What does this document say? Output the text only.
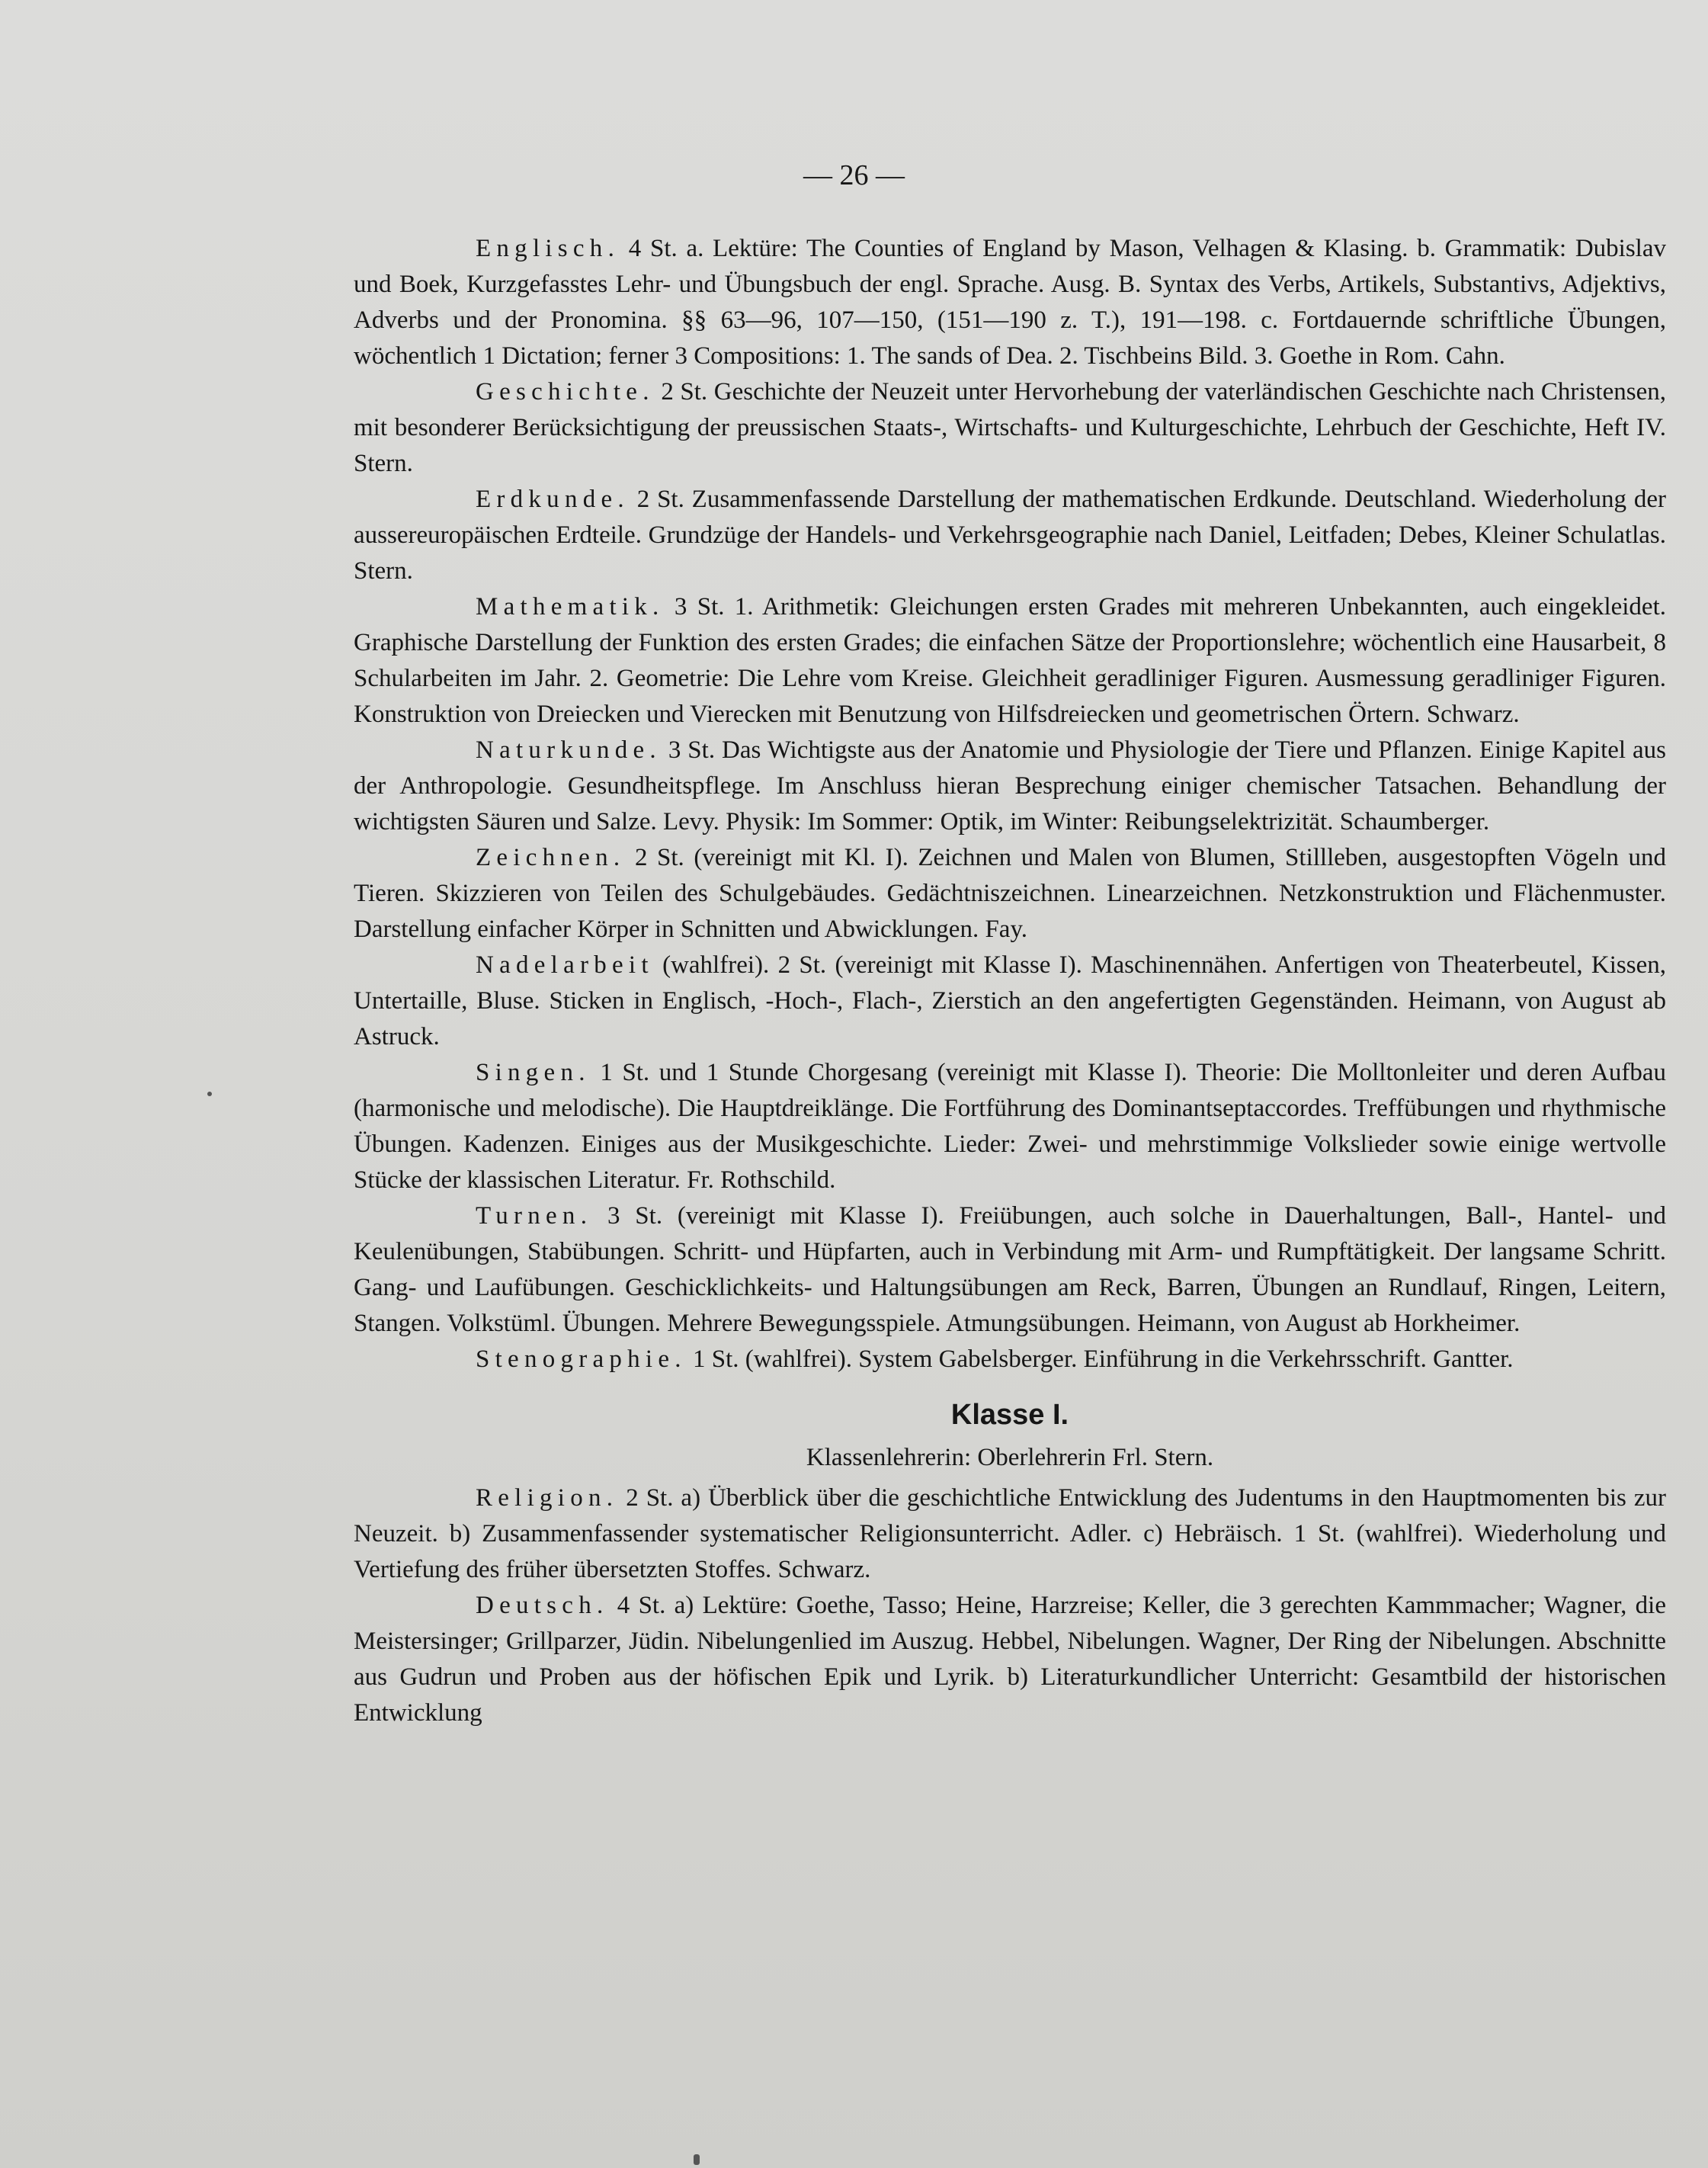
— 26 —

Englisch. 4 St. a. Lektüre: The Counties of England by Mason, Velhagen & Klasing. b. Grammatik: Dubislav und Boek, Kurzgefasstes Lehr- und Übungsbuch der engl. Sprache. Ausg. B. Syntax des Verbs, Artikels, Substantivs, Adjektivs, Adverbs und der Pronomina. §§ 63—96, 107—150, (151—190 z. T.), 191—198. c. Fortdauernde schriftliche Übungen, wöchentlich 1 Dictation; ferner 3 Compositions: 1. The sands of Dea. 2. Tischbeins Bild. 3. Goethe in Rom. Cahn.

Geschichte. 2 St. Geschichte der Neuzeit unter Hervorhebung der vaterländischen Geschichte nach Christensen, mit besonderer Berücksichtigung der preussischen Staats-, Wirtschafts- und Kulturgeschichte, Lehrbuch der Geschichte, Heft IV. Stern.

Erdkunde. 2 St. Zusammenfassende Darstellung der mathematischen Erdkunde. Deutschland. Wiederholung der aussereuropäischen Erdteile. Grundzüge der Handels- und Verkehrsgeographie nach Daniel, Leitfaden; Debes, Kleiner Schulatlas. Stern.

Mathematik. 3 St. 1. Arithmetik: Gleichungen ersten Grades mit mehreren Unbekannten, auch eingekleidet. Graphische Darstellung der Funktion des ersten Grades; die einfachen Sätze der Proportionslehre; wöchentlich eine Hausarbeit, 8 Schularbeiten im Jahr. 2. Geometrie: Die Lehre vom Kreise. Gleichheit geradliniger Figuren. Ausmessung geradliniger Figuren. Konstruktion von Dreiecken und Vierecken mit Benutzung von Hilfsdreiecken und geometrischen Örtern. Schwarz.

Naturkunde. 3 St. Das Wichtigste aus der Anatomie und Physiologie der Tiere und Pflanzen. Einige Kapitel aus der Anthropologie. Gesundheitspflege. Im Anschluss hieran Besprechung einiger chemischer Tatsachen. Behandlung der wichtigsten Säuren und Salze. Levy. Physik: Im Sommer: Optik, im Winter: Reibungselektrizität. Schaumberger.

Zeichnen. 2 St. (vereinigt mit Kl. I). Zeichnen und Malen von Blumen, Stillleben, ausgestopften Vögeln und Tieren. Skizzieren von Teilen des Schulgebäudes. Gedächtniszeichnen. Linearzeichnen. Netzkonstruktion und Flächenmuster. Darstellung einfacher Körper in Schnitten und Abwicklungen. Fay.

Nadelarbeit (wahlfrei). 2 St. (vereinigt mit Klasse I). Maschinennähen. Anfertigen von Theaterbeutel, Kissen, Untertaille, Bluse. Sticken in Englisch, -Hoch-, Flach-, Zierstich an den angefertigten Gegenständen. Heimann, von August ab Astruck.

Singen. 1 St. und 1 Stunde Chorgesang (vereinigt mit Klasse I). Theorie: Die Molltonleiter und deren Aufbau (harmonische und melodische). Die Hauptdreiklänge. Die Fortführung des Dominantseptaccordes. Treffübungen und rhythmische Übungen. Kadenzen. Einiges aus der Musikgeschichte. Lieder: Zwei- und mehrstimmige Volkslieder sowie einige wertvolle Stücke der klassischen Literatur. Fr. Rothschild.

Turnen. 3 St. (vereinigt mit Klasse I). Freiübungen, auch solche in Dauerhaltungen, Ball-, Hantel- und Keulenübungen, Stabübungen. Schritt- und Hüpfarten, auch in Verbindung mit Arm- und Rumpftätigkeit. Der langsame Schritt. Gang- und Laufübungen. Geschicklichkeits- und Haltungsübungen am Reck, Barren, Übungen an Rundlauf, Ringen, Leitern, Stangen. Volkstüml. Übungen. Mehrere Bewegungsspiele. Atmungsübungen. Heimann, von August ab Horkheimer.

Stenographie. 1 St. (wahlfrei). System Gabelsberger. Einführung in die Verkehrsschrift. Gantter.

Klasse I.
Klassenlehrerin: Oberlehrerin Frl. Stern.

Religion. 2 St. a) Überblick über die geschichtliche Entwicklung des Judentums in den Hauptmomenten bis zur Neuzeit. b) Zusammenfassender systematischer Religionsunterricht. Adler. c) Hebräisch. 1 St. (wahlfrei). Wiederholung und Vertiefung des früher übersetzten Stoffes. Schwarz.

Deutsch. 4 St. a) Lektüre: Goethe, Tasso; Heine, Harzreise; Keller, die 3 gerechten Kammmacher; Wagner, die Meistersinger; Grillparzer, Jüdin. Nibelungenlied im Auszug. Hebbel, Nibelungen. Wagner, Der Ring der Nibelungen. Abschnitte aus Gudrun und Proben aus der höfischen Epik und Lyrik. b) Literaturkundlicher Unterricht: Gesamtbild der historischen Entwicklung
